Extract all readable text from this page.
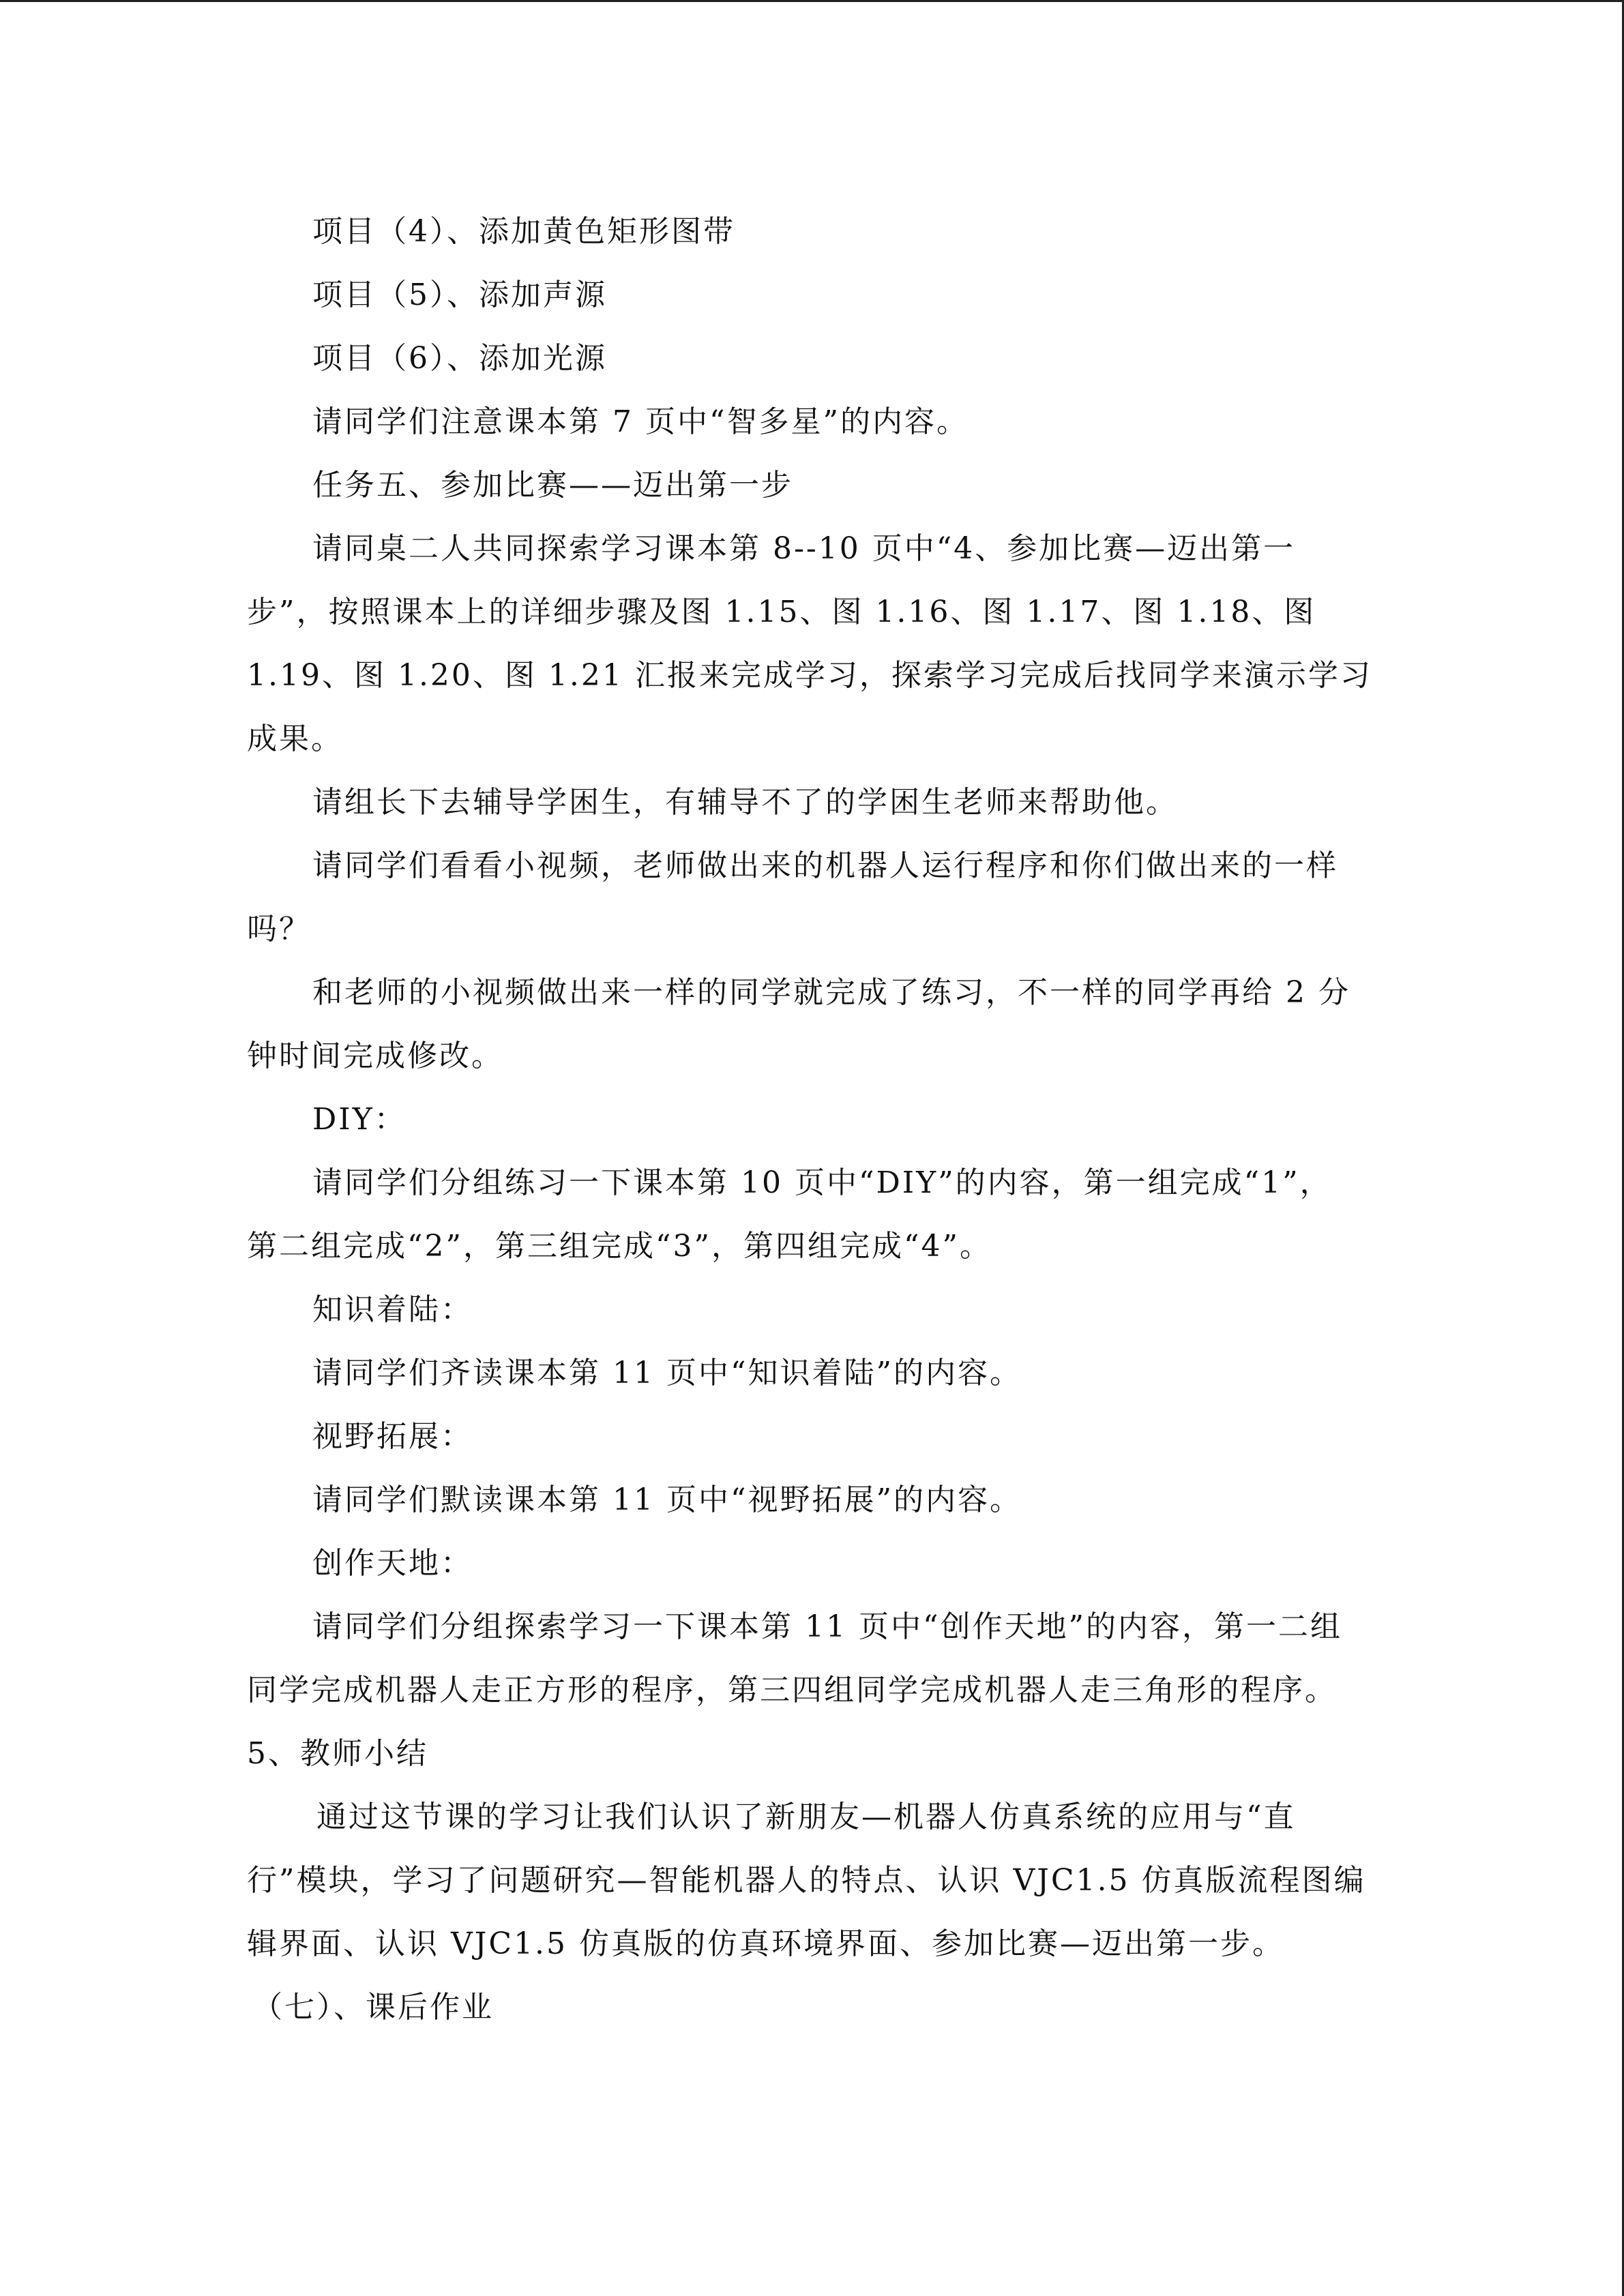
项目（4）、添加黄色矩形图带
项目（5）、添加声源
项目（6）、添加光源
请同学们注意课本第 7 页中“智多星”的内容。
任务五、参加比赛——迈出第一步
请同桌二人共同探索学习课本第 8--10 页中“4、参加比赛—迈出第一
步”，按照课本上的详细步骤及图 1.15、图 1.16、图 1.17、图 1.18、图
1.19、图 1.20、图 1.21 汇报来完成学习，探索学习完成后找同学来演示学习
成果。
请组长下去辅导学困生，有辅导不了的学困生老师来帮助他。
请同学们看看小视频，老师做出来的机器人运行程序和你们做出来的一样
吗？
和老师的小视频做出来一样的同学就完成了练习，不一样的同学再给 2 分
钟时间完成修改。
DIY：
请同学们分组练习一下课本第 10 页中“DIY”的内容，第一组完成“1”，
第二组完成“2”，第三组完成“3”，第四组完成“4”。
知识着陆：
请同学们齐读课本第 11 页中“知识着陆”的内容。
视野拓展：
请同学们默读课本第 11 页中“视野拓展”的内容。
创作天地：
请同学们分组探索学习一下课本第 11 页中“创作天地”的内容，第一二组
同学完成机器人走正方形的程序，第三四组同学完成机器人走三角形的程序。
5、教师小结
通过这节课的学习让我们认识了新朋友—机器人仿真系统的应用与“直
行”模块，学习了问题研究—智能机器人的特点、认识 VJC1.5 仿真版流程图编
辑界面、认识 VJC1.5 仿真版的仿真环境界面、参加比赛—迈出第一步。
（七）、课后作业
